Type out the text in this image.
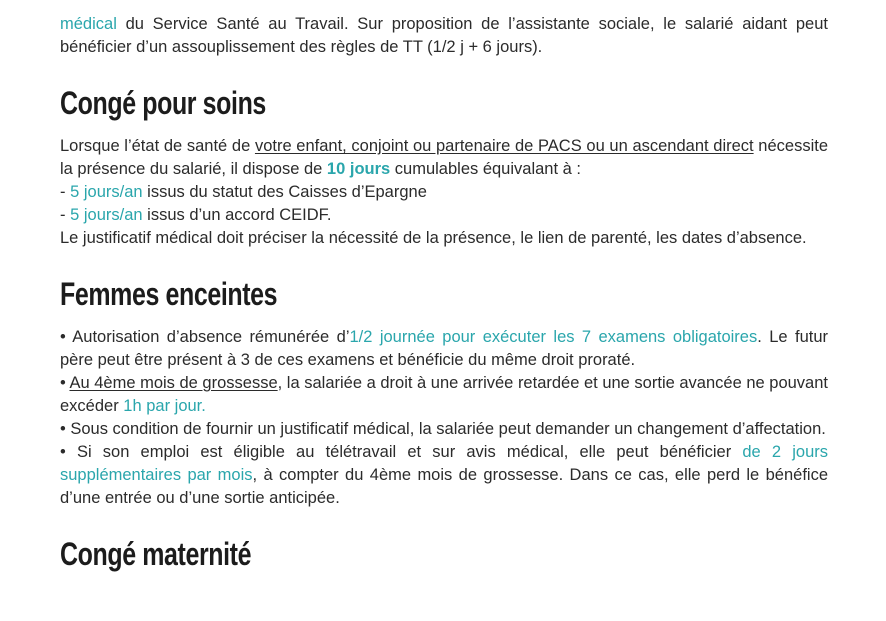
médical du Service Santé au Travail. Sur proposition de l’assistante sociale, le salarié aidant peut bénéficier d’un assouplissement des règles de TT (1/2 j + 6 jours).

Congé pour soins

Lorsque l’état de santé de votre enfant, conjoint ou partenaire de PACS ou un ascendant direct nécessite la présence du salarié, il dispose de 10 jours cumulables équivalant à :

- 5 jours/an issus du statut des Caisses d’Epargne

- 5 jours/an issus d’un accord CEIDF.

Le justificatif médical doit préciser la nécessité de la présence, le lien de parenté, les dates d’absence.

Femmes enceintes

• Autorisation d’absence rémunérée d’1/2 journée pour exécuter les 7 examens obligatoires. Le futur père peut être présent à 3 de ces examens et bénéficie du même droit proraté.

• Au 4ème mois de grossesse, la salariée a droit à une arrivée retardée et une sortie avancée ne pouvant excéder 1h par jour.

• Sous condition de fournir un justificatif médical, la salariée peut demander un changement d’affectation.

• Si son emploi est éligible au télétravail et sur avis médical, elle peut bénéficier de 2 jours supplémentaires par mois, à compter du 4ème mois de grossesse. Dans ce cas, elle perd le bénéfice d’une entrée ou d’une sortie anticipée.

Congé maternité
